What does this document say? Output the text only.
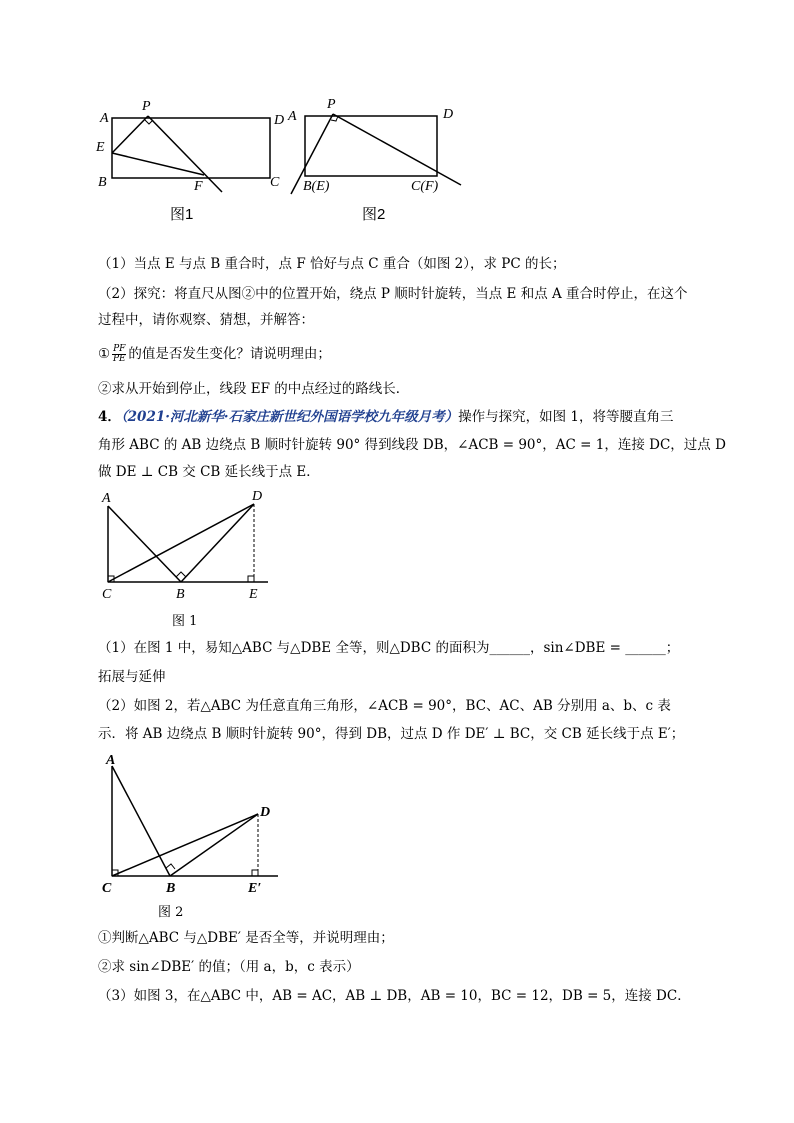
A
P
D
E
B	F	C
图1
P
D
A
B(E)	C(F)
图2
（1）当点 E 与点 B 重合时，点 F 恰好与点 C 重合（如图 2），求 PC 的长；
（2）探究：将直尺从图②中的位置开始，绕点 P 顺时针旋转，当点 E 和点 A 重合时停止，在这个
过程中，请你观察、猜想，并解答：
① $\frac{PF}{PE}$ 的值是否发生变化？请说明理由；
②求从开始到停止，线段 EF 的中点经过的路线长．
4．（2021·河北新华·石家庄新世纪外国语学校九年级月考）操作与探究，如图 1，将等腰直角三
角形 ABC 的 AB 边绕点 B 顺时针旋转 90° 得到线段 DB，∠ACB = 90°，AC = 1，连接 DC，过点 D
做 DE ⊥ CB 交 CB 延长线于点 E．
A	D
C	B	E
图 1
（1）在图 1 中，易知△ABC 与△DBE 全等，则△DBC 的面积为______，sin∠DBE = ______；
拓展与延伸
（2）如图 2，若△ABC 为任意直角三角形，∠ACB = 90°，BC、AC、AB 分别用 a、b、c 表
示．将 AB 边绕点 B 顺时针旋转 90°，得到 DB，过点 D 作 DE′ ⊥ BC，交 CB 延长线于点 E′；
A
D
C	B	E′
图 2
①判断△ABC 与△DBE′ 是否全等，并说明理由；
②求 sin∠DBE′ 的值；（用 a，b，c 表示）
（3）如图 3，在△ABC 中，AB = AC，AB ⊥ DB，AB = 10，BC = 12，DB = 5，连接 DC．
